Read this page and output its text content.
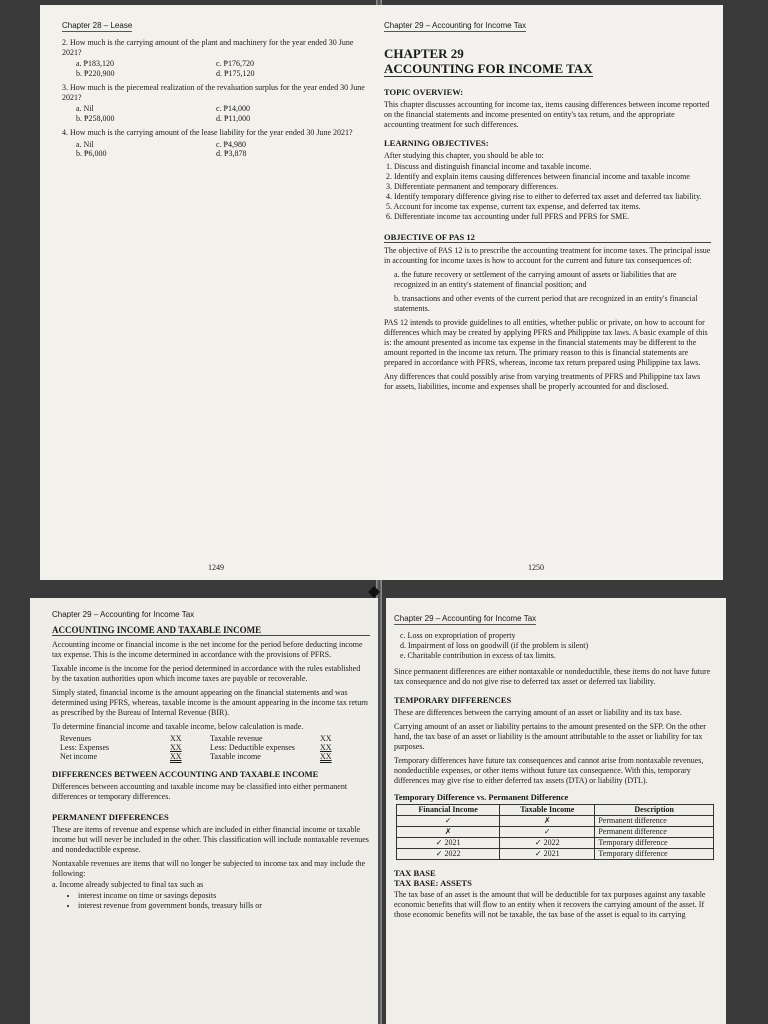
Chapter 28 – Lease
2. How much is the carrying amount of the plant and machinery for the year ended 30 June 2021?
a. ₱183,120	c. ₱176,720
b. ₱220,900	d. ₱175,120
3. How much is the piecemeal realization of the revaluation surplus for the year ended 30 June 2021?
a. Nil	c. ₱14,000
b. ₱258,000	d. ₱11,000
4. How much is the carrying amount of the lease liability for the year ended 30 June 2021?
a. Nil	c. ₱4,980
b. ₱6,000	d. ₱3,878
1249
Chapter 29 – Accounting for Income Tax
CHAPTER 29
ACCOUNTING FOR INCOME TAX
TOPIC OVERVIEW:

This chapter discusses accounting for income tax, items causing differences between income reported on the financial statements and income presented on entity's tax return, and the appropriate accounting treatment for such differences.

LEARNING OBJECTIVES:

After studying this chapter, you should be able to:

1. Discuss and distinguish financial income and taxable income.

2. Identify and explain items causing differences between financial income and taxable income

3. Differentiate permanent and temporary differences.

4. Identify temporary difference giving rise to either to deferred tax asset and deferred tax liability.

5. Account for income tax expense, current tax expense, and deferred tax items.

6. Differentiate income tax accounting under full PFRS and PFRS for SME.

OBJECTIVE OF PAS 12

The objective of PAS 12 is to prescribe the accounting treatment for income taxes. The principal issue in accounting for income taxes is how to account for the current and future tax consequences of:

a. the future recovery or settlement of the carrying amount of assets or liabilities that are recognized in an entity's statement of financial position; and

b. transactions and other events of the current period that are recognized in an entity's financial statements.

PAS 12 intends to provide guidelines to all entities, whether public or private, on how to account for differences which may be created by applying PFRS and Philippine tax laws. A basic example of this is: the amount presented as income tax expense in the financial statements may be different to the amount reported in the income tax return. The primary reason to this is financial statements are prepared in accordance with PFRS, whereas, income tax return prepared using Philippine tax laws.

Any differences that could possibly arise from varying treatments of PFRS and Philippine tax laws for assets, liabilities, income and expenses shall be properly accounted for and disclosed.

1250
Chapter 29 – Accounting for Income Tax
ACCOUNTING INCOME AND TAXABLE INCOME

Accounting income or financial income is the net income for the period before deducting income tax expense. This is the income determined in accordance with the provisions of PFRS.

Taxable income is the income for the period determined in accordance with the rules established by the taxation authorities upon which income taxes are payable or recoverable.

Simply stated, financial income is the amount appearing on the financial statements and was determined using PFRS, whereas, taxable income is the amount appearing in the income tax return as prescribed by the Bureau of Internal Revenue (BIR).

To determine financial income and taxable income, below calculation is made.

Revenues	XX	Taxable revenue	XX
Less: Expenses	XX	Less: Deductible expenses	XX
Net income	XX	Taxable income	XX
DIFFERENCES BETWEEN ACCOUNTING AND TAXABLE INCOME

Differences between accounting and taxable income may be classified into either permanent differences or temporary differences.

PERMANENT DIFFERENCES

These are items of revenue and expense which are included in either financial income or taxable income but will never be included in the other. This classification will include nontaxable revenues and nondeductible expense.

Nontaxable revenues are items that will no longer be subjected to income tax and may include the following:

a. Income already subjected to final tax such as

• interest income on time or savings deposits
• interest revenue from government bonds, treasury bills or
Chapter 29 – Accounting for Income Tax

c. Loss on expropriation of property

d. Impairment of loss on goodwill (if the problem is silent)

e. Charitable contribution in excess of tax limits.

Since permanent differences are either nontaxable or nondeductible, these items do not have future tax consequence and do not give rise to deferred tax asset or deferred tax liability.

TEMPORARY DIFFERENCES

These are differences between the carrying amount of an asset or liability and its tax base.

Carrying amount of an asset or liability pertains to the amount presented on the SFP. On the other hand, the tax base of an asset or liability is the amount attributable to the asset or liability for tax purposes.

Temporary differences have future tax consequences and cannot arise from nontaxable revenues, nondeductible expenses, or other items without future tax consequence. With this, temporary differences may give rise to either deferred tax assets (DTA) or liability (DTL).

Temporary Difference vs. Permanent Difference
Financial Income	Taxable Income	Description
✓	✗	Permanent difference
✗	✓	Permanent difference
✓ 2021	✓ 2022	Temporary difference
✓ 2022	✓ 2021	Temporary difference
TAX BASE
TAX BASE: ASSETS

The tax base of an asset is the amount that will be deductible for tax purposes against any taxable economic benefits that will flow to an entity when it recovers the carrying amount of the asset. If those economic benefits will not be taxable, the tax base of the asset is equal to its carrying
